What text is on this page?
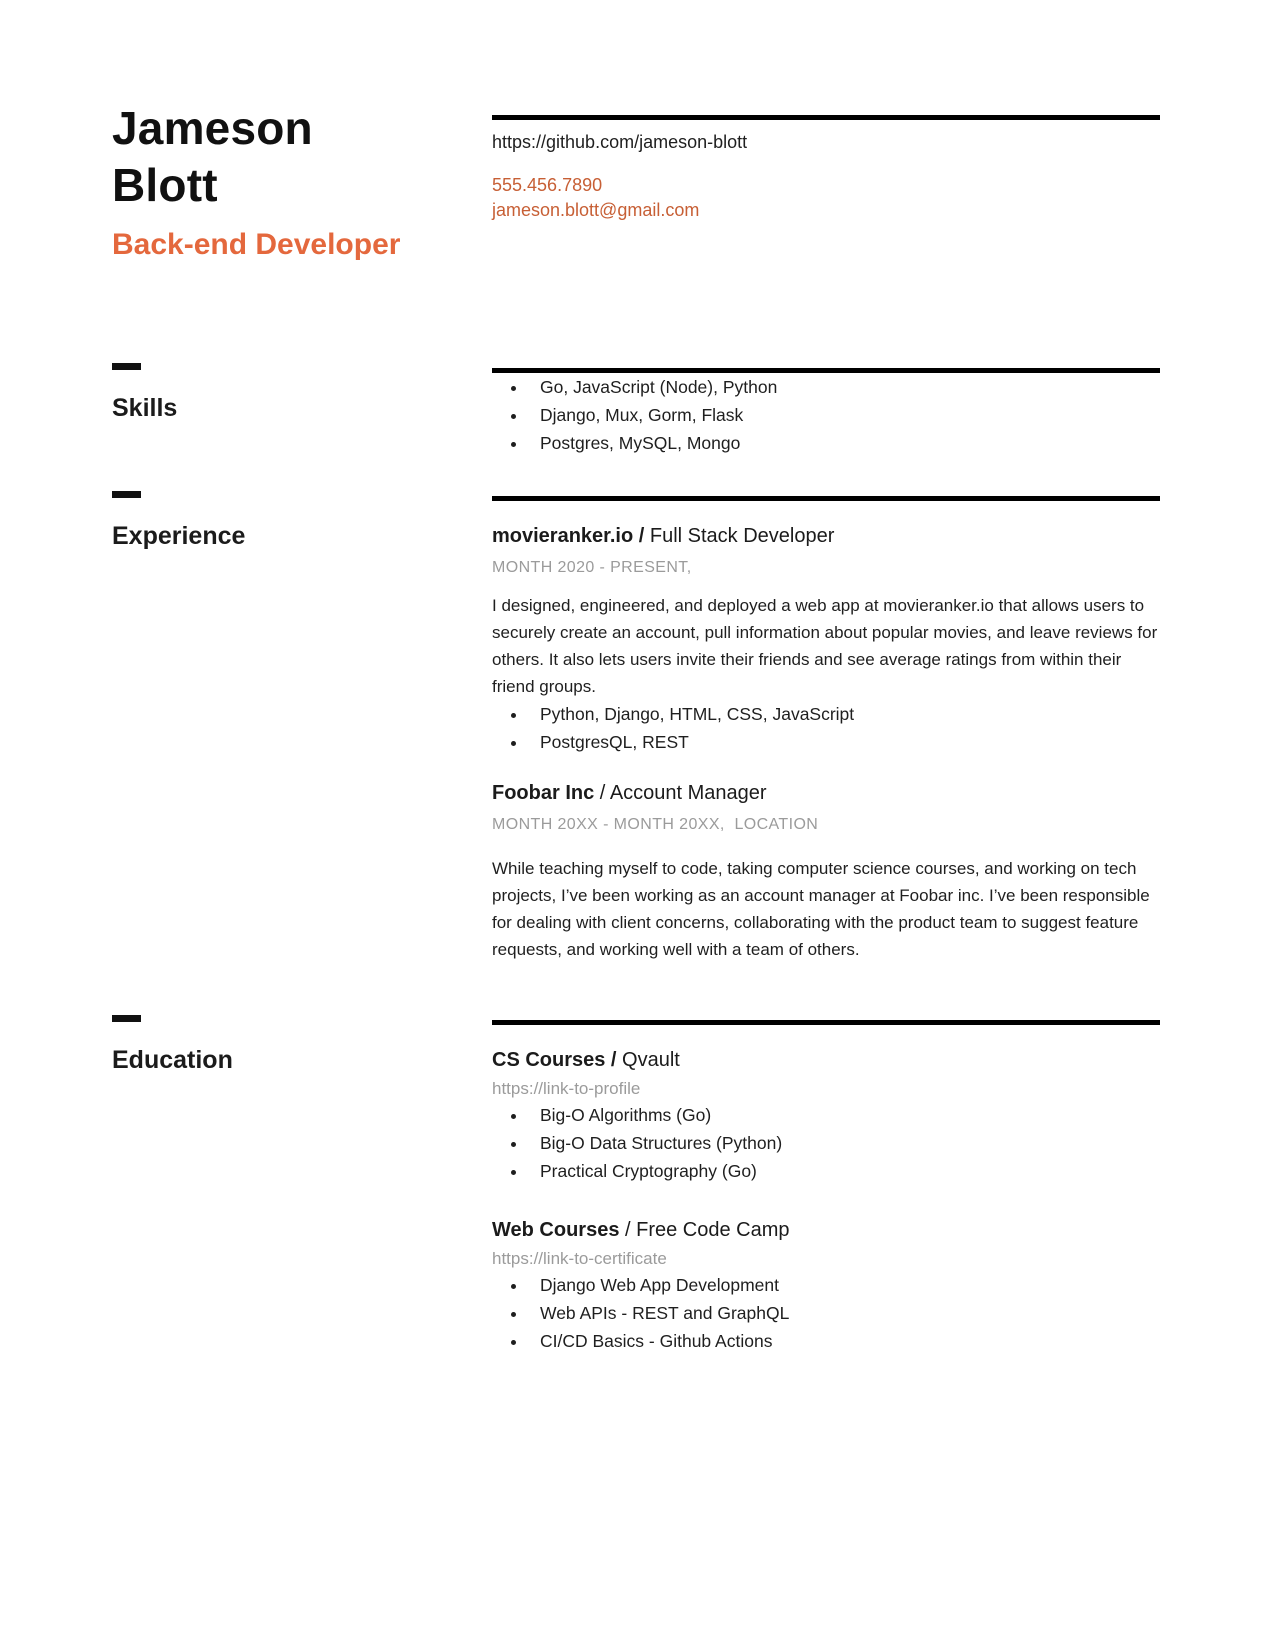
Jameson
Blott
Back-end Developer
https://github.com/jameson-blott
555.456.7890
jameson.blott@gmail.com
Skills
• Go, JavaScript (Node), Python
• Django, Mux, Gorm, Flask
• Postgres, MySQL, Mongo
Experience	movieranker.io / Full Stack Developer
MONTH 2020 - PRESENT,

I designed, engineered, and deployed a web app at movieranker.io that allows users to securely create an account, pull information about popular movies, and leave reviews for others. It also lets users invite their friends and see average ratings from within their friend groups.

• Python, Django, HTML, CSS, JavaScript
• PostgresQL, REST
Foobar Inc / Account Manager
MONTH 20XX - MONTH 20XX,  LOCATION

While teaching myself to code, taking computer science courses, and working on tech projects, I’ve been working as an account manager at Foobar inc. I’ve been responsible for dealing with client concerns, collaborating with the product team to suggest feature requests, and working well with a team of others.

Education	CS Courses / Qvault
https://link-to-profile
• Big-O Algorithms (Go)
• Big-O Data Structures (Python)
• Practical Cryptography (Go)
Web Courses / Free Code Camp
https://link-to-certificate
• Django Web App Development
• Web APIs - REST and GraphQL
• CI/CD Basics - Github Actions
